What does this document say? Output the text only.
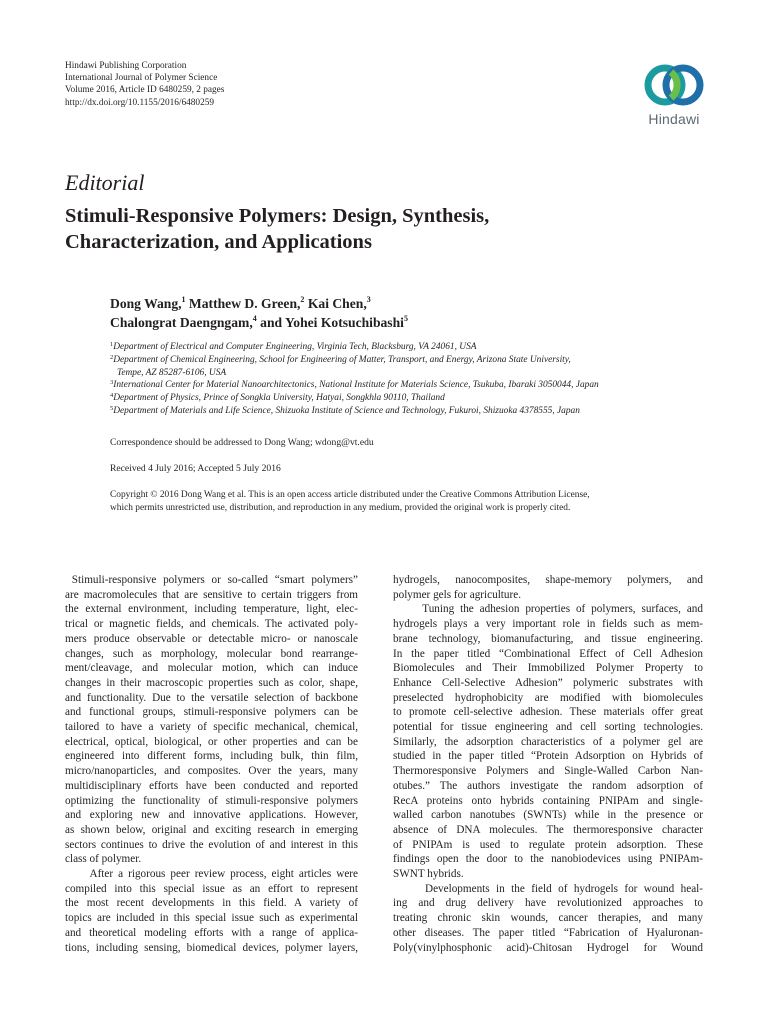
Hindawi Publishing Corporation
International Journal of Polymer Science
Volume 2016, Article ID 6480259, 2 pages
http://dx.doi.org/10.1155/2016/6480259
Hindawi
Editorial
Stimuli-Responsive Polymers: Design, Synthesis,
Characterization, and Applications
Dong Wang,$^1$ Matthew D. Green,$^2$ Kai Chen,$^3$
Chalongrat Daengngam,$^4$ and Yohei Kotsuchibashi$^5$
$^1$Department of Electrical and Computer Engineering, Virginia Tech, Blacksburg, VA 24061, USA
$^2$Department of Chemical Engineering, School for Engineering of Matter, Transport, and Energy, Arizona State University,
Tempe, AZ 85287-6106, USA
$^3$International Center for Material Nanoarchitectonics, National Institute for Materials Science, Tsukuba, Ibaraki 3050044, Japan
$^4$Department of Physics, Prince of Songkla University, Hatyai, Songkhla 90110, Thailand
$^5$Department of Materials and Life Science, Shizuoka Institute of Science and Technology, Fukuroi, Shizuoka 4378555, Japan
Correspondence should be addressed to Dong Wang; wdong@vt.edu
Received 4 July 2016; Accepted 5 July 2016
Copyright © 2016 Dong Wang et al. This is an open access article distributed under the Creative Commons Attribution License,
which permits unrestricted use, distribution, and reproduction in any medium, provided the original work is properly cited.
Stimuli-responsive polymers or so-called “smart polymers”
are macromolecules that are sensitive to certain triggers from
the external environment, including temperature, light, elec-
trical or magnetic fields, and chemicals. The activated poly-
mers produce observable or detectable micro- or nanoscale
changes, such as morphology, molecular bond rearrange-
ment/cleavage, and molecular motion, which can induce
changes in their macroscopic properties such as color, shape,
and functionality. Due to the versatile selection of backbone
and functional groups, stimuli-responsive polymers can be
tailored to have a variety of specific mechanical, chemical,
electrical, optical, biological, or other properties and can be
engineered into different forms, including bulk, thin film,
micro/nanoparticles, and composites. Over the years, many
multidisciplinary efforts have been conducted and reported
optimizing the functionality of stimuli-responsive polymers
and exploring new and innovative applications. However,
as shown below, original and exciting research in emerging
sectors continues to drive the evolution of and interest in this
class of polymer.
After a rigorous peer review process, eight articles were
compiled into this special issue as an effort to represent
the most recent developments in this field. A variety of
topics are included in this special issue such as experimental
and theoretical modeling efforts with a range of applica-
tions, including sensing, biomedical devices, polymer layers,
hydrogels, nanocomposites, shape-memory polymers, and
polymer gels for agriculture.
Tuning the adhesion properties of polymers, surfaces, and
hydrogels plays a very important role in fields such as mem-
brane technology, biomanufacturing, and tissue engineering.
In the paper titled “Combinational Effect of Cell Adhesion
Biomolecules and Their Immobilized Polymer Property to
Enhance Cell-Selective Adhesion” polymeric substrates with
preselected hydrophobicity are modified with biomolecules
to promote cell-selective adhesion. These materials offer great
potential for tissue engineering and cell sorting technologies.
Similarly, the adsorption characteristics of a polymer gel are
studied in the paper titled “Protein Adsorption on Hybrids of
Thermoresponsive Polymers and Single-Walled Carbon Nan-
otubes.” The authors investigate the random adsorption of
RecA proteins onto hybrids containing PNIPAm and single-
walled carbon nanotubes (SWNTs) while in the presence or
absence of DNA molecules. The thermoresponsive character
of PNIPAm is used to regulate protein adsorption. These
findings open the door to the nanobiodevices using PNIPAm-
SWNT hybrids.
Developments in the field of hydrogels for wound heal-
ing and drug delivery have revolutionized approaches to
treating chronic skin wounds, cancer therapies, and many
other diseases. The paper titled “Fabrication of Hyaluronan-
Poly(vinylphosphonic acid)-Chitosan Hydrogel for Wound
